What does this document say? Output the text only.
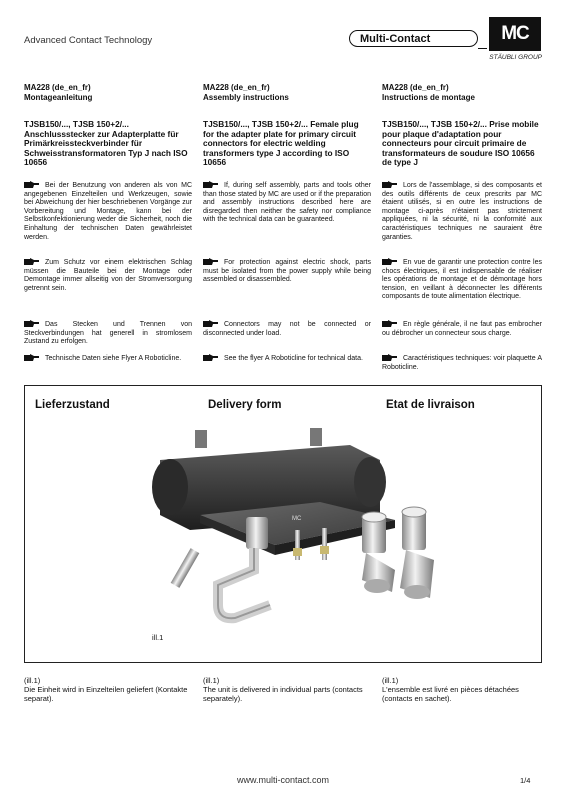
Advanced Contact Technology	Multi-Contact	MC
STÄUBLI GROUP
MA228 (de_en_fr)
Montageanleitung
TJSB150/..., TJSB 150+2/... Anschlussstecker zur Adapterplatte für Primärkreissteckverbinder für Schweisstransformatoren Typ J nach ISO 10656
Bei der Benutzung von anderen als von MC angegebenen Einzelteilen und Werkzeugen, sowie bei Abweichung der hier beschriebenen Vorgänge zur Vorbereitung und Montage, kann bei der Selbstkonfektionierung weder die Sicherheit, noch die Einhaltung der technischen Daten gewährleistet werden.
Zum Schutz vor einem elektrischen Schlag müssen die Bauteile bei der Montage oder Demontage immer allseitig von der Stromversorgung getrennt sein.
Das Stecken und Trennen von Steckverbindungen hat generell in stromlosem Zustand zu erfolgen.
Technische Daten siehe Flyer A Roboticline.
MA228 (de_en_fr)
Assembly instructions
TJSB150/..., TJSB 150+2/... Female plug for the adapter plate for primary circuit connectors for electric welding transformers type J according to ISO 10656
If, during self assembly, parts and tools other than those stated by MC are used or if the preparation and assembly instructions described here are disregarded then neither the safety nor compliance with the technical data can be guaranteed.
For protection against electric shock, parts must be isolated from the power supply while being assembled or disassembled.
Connectors may not be connected or disconnected under load.
See the flyer A Roboticline for technical data.
MA228 (de_en_fr)
Instructions de montage
TJSB150/..., TJSB 150+2/... Prise mobile pour plaque d'adaptation pour connecteurs pour circuit primaire de transformateurs de soudure ISO 10656 de type J
Lors de l'assemblage, si des composants et des outils différents de ceux prescrits par MC étaient utilisés, si en outre les instructions de montage ci-après n'étaient pas strictement appliquées, ni la sécurité, ni la conformité aux caractéristiques techniques ne sauraient être garanties.
En vue de garantir une protection contre les chocs électriques, il est indispensable de réaliser les opérations de montage et de démontage hors tension, en veillant à déconnecter les différents composants de toute alimentation électrique.
En règle générale, il ne faut pas embrocher ou débrocher un connecteur sous charge.
Caractéristiques techniques: voir plaquette A Roboticline.
Lieferzustand	Delivery form	Etat de livraison
MC
ill.1
(ill.1)
Die Einheit wird in Einzelteilen geliefert (Kontakte separat).
(ill.1)
The unit is delivered in individual parts (contacts separately).
(ill.1)
L'ensemble est livré en pièces détachées (contacts en sachet).
www.multi-contact.com	1/4
